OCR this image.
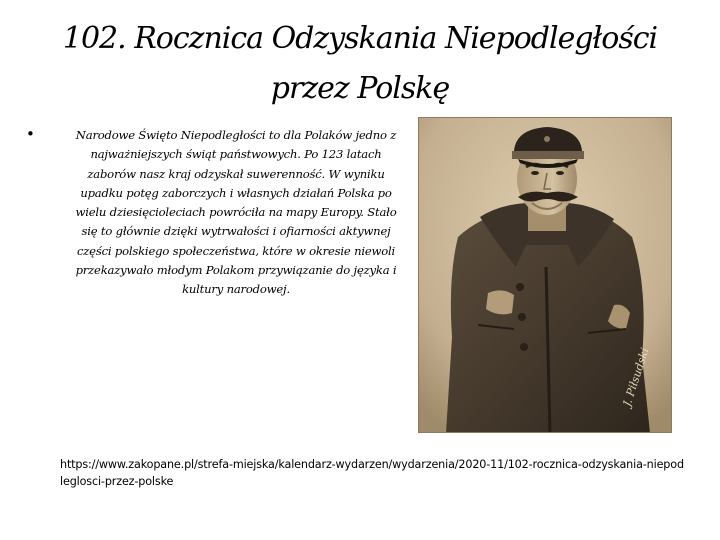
102. Rocznica Odzyskania Niepodległości przez Polskę
•	Narodowe Święto Niepodległości to dla Polaków jedno z najważniejszych świąt państwowych. Po 123 latach zaborów nasz kraj odzyskał suwerenność. W wyniku upadku potęg zaborczych i własnych działań Polska po wielu dziesięcioleciach powróciła na mapy Europy. Stało się to głównie dzięki wytrwałości i ofiarności aktywnej części polskiego społeczeństwa, które w okresie niewoli przekazywało młodym Polakom przywiązanie do języka i kultury narodowej.
J. Piłsudski
https://www.zakopane.pl/strefa-miejska/kalendarz-wydarzen/wydarzenia/2020-11/102-rocznica-odzyskania-niepodleglosci-przez-polske
